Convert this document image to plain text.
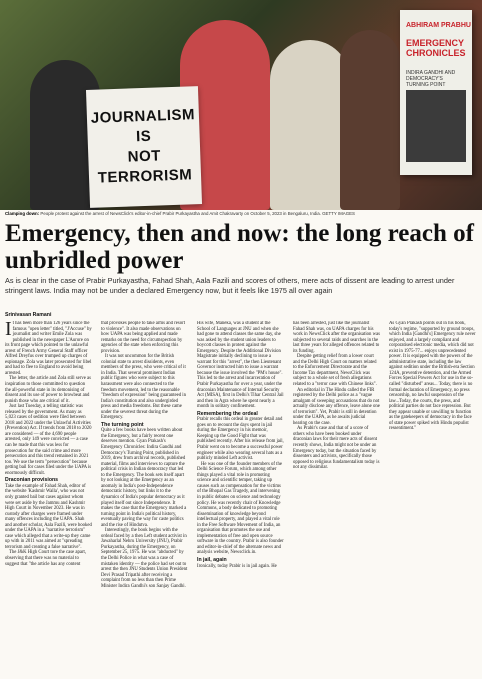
JOURNALISM
IS
NOT
TERRORISM
ABHIRAM PRABHU
EMERGENCY CHRONICLES
INDIRA GANDHI AND DEMOCRACY'S TURNING POINT
Clamping down: People protest against the arrest of NewsClick's editor-in-chief Prabir Purkayastha and Amit Chakravarty on October 5, 2023 in Bengaluru, India. GETTY IMAGES
Emergency, then and now: the long reach of unbridled power

As is clear in the case of Prabir Purkayastha, Fahad Shah, Aala Fazili and scores of others, mere acts of dissent are leading to arrest under stringent laws. India may not be under a declared Emergency now, but it feels like 1975 all over again

Srinivasan Ramani

It has been more than 126 years since the famous "open letter" titled, "J'Accuse" by journalist and writer Emile Zola was published in the newspaper L'Aurore on its front page which pointed to the unlawful arrest of French Army General Staff officer Alfred Dreyfus over trumped up charges of espionage. Zola was later prosecuted for libel and had to flee to England to avoid being arrested.

The letter, the article and Zola still serve as inspiration to those committed to question the all-powerful state in its demonising of dissent and its use of power to browbeat and punish those who are critical of it.

Just last Tuesday, a telling statistic was released by the government. As many as 5,023 cases of sedition were filed between 2018 and 2022 under the Unlawful Activities (Prevention) Act. If trends from 2018 to 2020 are considered — of the 4,690 people arrested, only 149 were convicted — a case can be made that this was less for prosecution for the said crime and more persecution and this trend remained in 2021 too. We use the term "persecution" because getting bail for cases filed under the UAPA is enormously difficult.

Draconian provisions

Take the example of Fahad Shah, editor of the website 'Kashmir Walla', who was not only granted bail but cases against whom were set aside by the Jammu and Kashmir High Court in November 2023. He was in custody after charges were framed under many offences including the UAPA. Shah and another scholar, Aala Fazili, were booked under the UAPA in a "narrative terrorism" case which alleged that a write-up they came up with in 2011 was aimed at "spreading terrorism and creating a false narrative".

The J&K High Court tore the case apart, observing that there was no material to suggest that "the article has any content

that provokes people to take arms and resort to violence". It also made observations on how UAPA was being applied and made remarks on the need for circumspection by agencies of the state when enforcing this provision.

It was not uncommon for the British colonial state to arrest dissidents, even members of the press, who were critical of it in India. That several prominent Indian public figures who were subject to this harassment were also connected to the freedom movement, led to the reasonable "freedom of expression" being guaranteed in India's constitution and also undergirded press and media freedoms. But these came under the severest threat during the Emergency.

The turning point

Quite a few books have been written about the Emergency, but a fairly recent one deserves mention. Gyan Prakash's Emergency Chronicles: Indira Gandhi and Democracy's Turning Point, published in 2019, drew from archival records, published material, films and interviews to capture the political crisis in Indian democracy that led to the Emergency. The book sets itself apart by not looking at the Emergency as an anomaly in India's post-Independence democratic history, but links it to the dynamics of India's popular democracy as it played itself out since Independence. It makes the case that the Emergency marked a turning point in India's political history, eventually paving the way for caste politics and the rise of Hindutva.

Interestingly, the book begins with the ordeal faced by a then Left student activist in Jawaharlal Nehru University (JNU), Prabir Purkayastha, during the Emergency, on September 25, 1975. He was "abducted" by the Delhi Police in what was a case of mistaken identity — the police had set out to arrest the then JNU Students Union President Devi Prasad Tripathi after receiving a complaint from no less than then Prime Minister Indira Gandhi's son Sanjay Gandhi.

His wife, Maneka, was a student at the School of Languages at JNU and when she had gone to attend classes the same day, she was asked by the student union leaders to boycott classes in protest against the Emergency. Despite the Additional Division Magistrate initially declining to issue a warrant for this "arrest", the then Lieutenant Governor instructed him to issue a warrant because the issue involved the "PM's house". This led to the arrest and incarceration of Prabir Purkayastha for over a year, under the draconian Maintenance of Internal Security Act (MISA), first in Delhi's Tihar Central Jail and then in Agra where he spent nearly a month in solitary confinement.

Remembering the ordeal

Prabir recalls this ordeal in greater detail and goes on to recount the days spent in jail during the Emergency in his memoir, Keeping up the Good Fight that was published recently. After his release from jail, Prabir went on to become a successful power engineer while also wearing several hats as a publicly minded Left activist.

He was one of the founder members of the Delhi Science Forum, which among other things played a vital role in promoting science and scientific temper, taking up causes such as compensation for the victims of the Bhopal Gas Tragedy, and intervening in public debates on science and technology policy. He was recently chair of Knowledge Commons, a body dedicated to promoting dissemination of knowledge beyond intellectual property, and played a vital role in the Free Software Movement of India, an organisation that promotes the use and implementation of free and open source software in the country. Prabir is also founder and editor-in-chief of the alternate news and analysis website, Newsclick.in.

In jail, again

Ironically, today Prabir is in jail again. He

has been arrested, just like the journalist Fahad Shah was, on UAPA charges for his work in NewsClick after the organisation was subjected to several raids and searches in the last three years for alleged offences related to its funding.

Despite getting relief from a lower court and the Delhi High Court on matters related to the Enforcement Directorate and the Income Tax department, NewsClick was subject to a whole set of fresh allegations related to a "terror case with Chinese links".

An editorial in The Hindu called the FIR registered by the Delhi police as a "vague amalgam of sweeping accusations that do not actually disclose any offence, leave alone one of terrorism". Yet, Prabir is still in detention under the UAPA, as he awaits judicial hearing on the case.

As Prabir's case and that of a score of others who have been booked under draconian laws for their mere acts of dissent recently shows, India might not be under an Emergency today, but the situation faced by dissenters and activists, specifically those opposed to religious fundamentalism today is not any dissimilar.

As Gyan Prakash points out in his book, today's regime, "supported by ground troops, which India [Gandhi's] Emergency rule never enjoyed, and a largely compliant and corporatised electronic media, which did not exist in 1975-77... enjoys unprecedented power. It is equipped with the powers of the administrative state, including the law against sedition under the British-era Section 124A, preventive detention, and the Armed Forces Special Powers Act for use in the so-called "disturbed" areas... Today, there is no formal declaration of Emergency, no press censorship, no lawful suspension of the law...Today, the courts, the press, and political parties do not face repression. But they appear unable or unwilling to function as the gatekeepers of democracy in the face of state power spiked with Hindu populist ressentiment."
